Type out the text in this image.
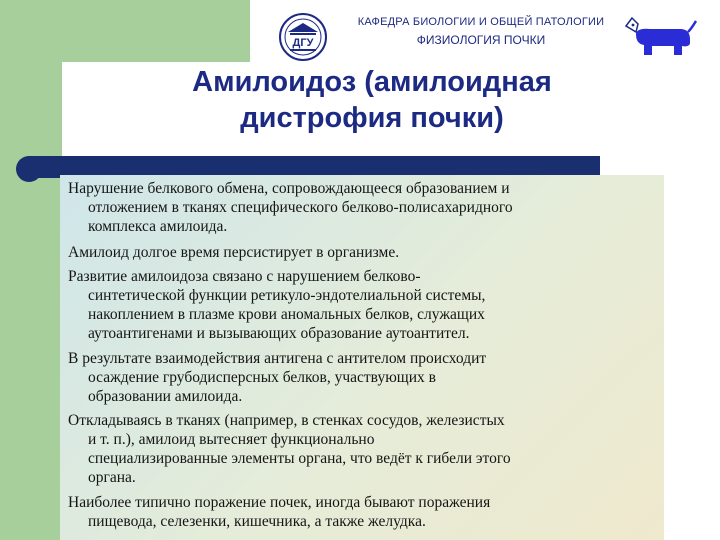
ДГУ
КАФЕДРА БИОЛОГИИ И ОБЩЕЙ ПАТОЛОГИИ
ФИЗИОЛОГИЯ ПОЧКИ
Амилоидоз (амилоидная
дистрофия почки)
Нарушение белкового обмена, сопровождающееся образованием и
отложением в тканях специфического белково-полисахаридного
комплекса амилоида.
Амилоид долгое время персистирует в организме.
Развитие амилоидоза связано с нарушением белково-
синтетической функции ретикуло-эндотелиальной системы,
накоплением в плазме крови аномальных белков, служащих
аутоантигенами и вызывающих образование аутоантител.
В результате взаимодействия антигена с антителом происходит
осаждение грубодисперсных белков, участвующих в
образовании амилоида.
Откладываясь в тканях (например, в стенках сосудов, железистых
и т. п.), амилоид вытесняет функционально
специализированные элементы органа, что ведёт к гибели этого
органа.
Наиболее типично поражение почек, иногда бывают поражения
пищевода, селезенки, кишечника, а также желудка.
